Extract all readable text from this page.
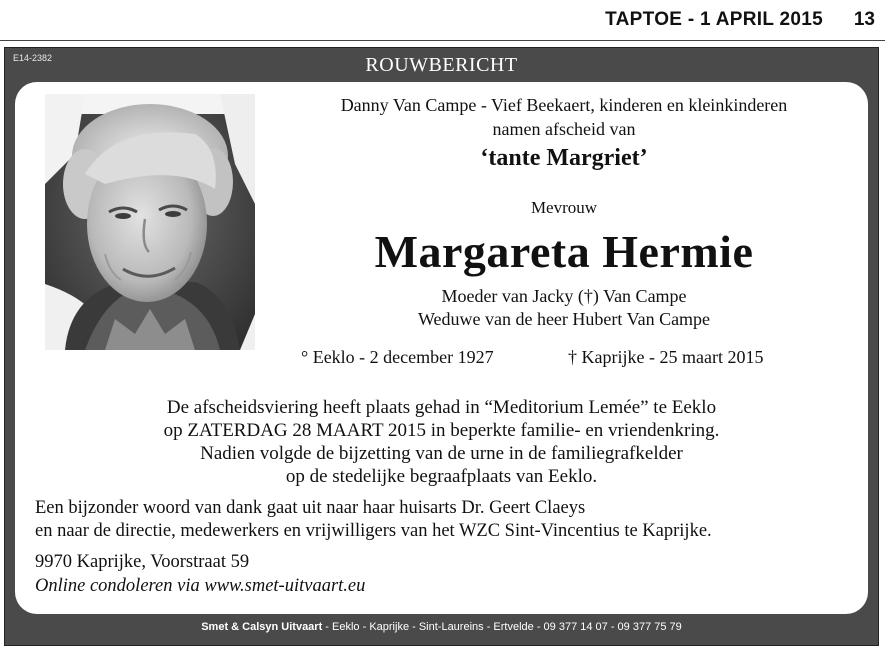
TAPTOE - 1 APRIL 2015 13
E14-2382	ROUWBERICHT
Danny Van Campe - Vief Beekaert, kinderen en kleinkinderen
namen afscheid van
‘tante Margriet’
Mevrouw
Margareta Hermie
Moeder van Jacky (†) Van Campe
Weduwe van de heer Hubert Van Campe
° Eeklo - 2 december 1927	† Kaprijke - 25 maart 2015
De afscheidsviering heeft plaats gehad in “Meditorium Lemée” te Eeklo
op ZATERDAG 28 MAART 2015 in beperkte familie- en vriendenkring.
Nadien volgde de bijzetting van de urne in de familiegrafkelder
op de stedelijke begraafplaats van Eeklo.
Een bijzonder woord van dank gaat uit naar haar huisarts Dr. Geert Claeys
en naar de directie, medewerkers en vrijwilligers van het WZC Sint-Vincentius te Kaprijke.
9970 Kaprijke, Voorstraat 59
Online condoleren via www.smet-uitvaart.eu
Smet & Calsyn Uitvaart - Eeklo - Kaprijke - Sint-Laureins - Ertvelde - 09 377 14 07 - 09 377 75 79
